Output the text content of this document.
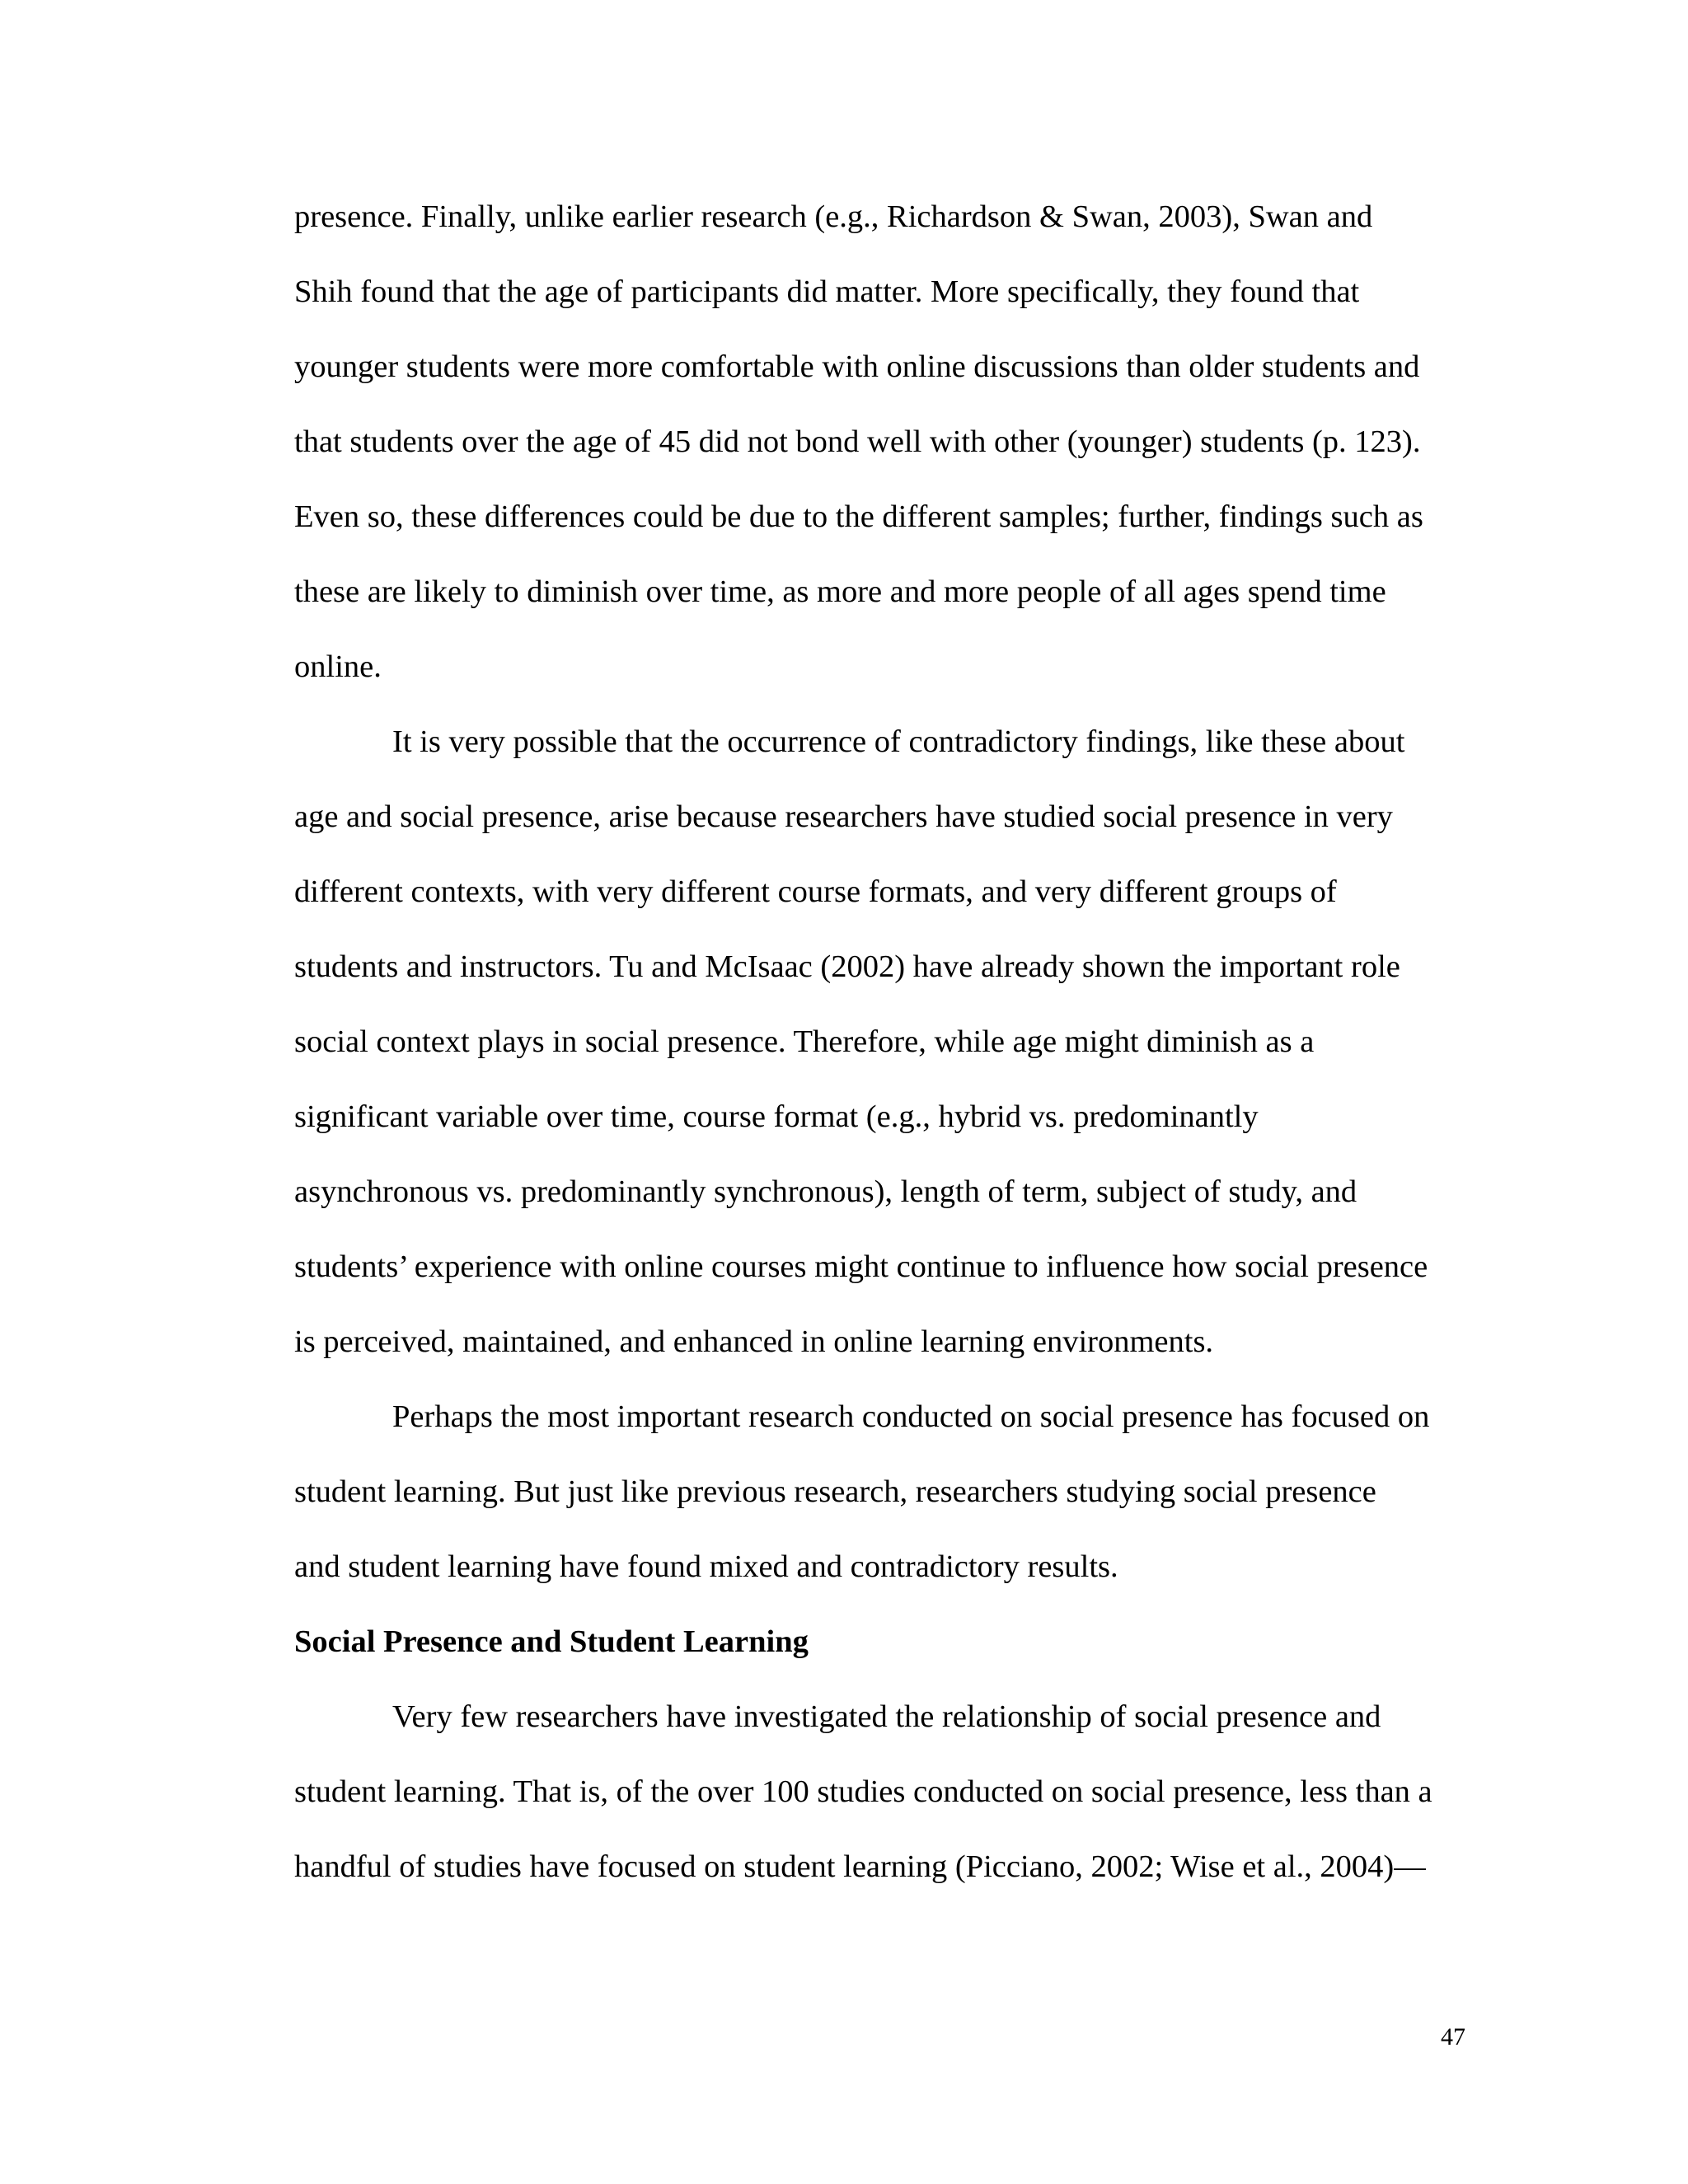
presence. Finally, unlike earlier research (e.g., Richardson & Swan, 2003), Swan and
Shih found that the age of participants did matter. More specifically, they found that
younger students were more comfortable with online discussions than older students and
that students over the age of 45 did not bond well with other (younger) students (p. 123).
Even so, these differences could be due to the different samples; further, findings such as
these are likely to diminish over time, as more and more people of all ages spend time
online.
It is very possible that the occurrence of contradictory findings, like these about
age and social presence, arise because researchers have studied social presence in very
different contexts, with very different course formats, and very different groups of
students and instructors. Tu and McIsaac (2002) have already shown the important role
social context plays in social presence. Therefore, while age might diminish as a
significant variable over time, course format (e.g., hybrid vs. predominantly
asynchronous vs. predominantly synchronous), length of term, subject of study, and
students’ experience with online courses might continue to influence how social presence
is perceived, maintained, and enhanced in online learning environments.
Perhaps the most important research conducted on social presence has focused on
student learning. But just like previous research, researchers studying social presence
and student learning have found mixed and contradictory results.
Social Presence and Student Learning
Very few researchers have investigated the relationship of social presence and
student learning. That is, of the over 100 studies conducted on social presence, less than a
handful of studies have focused on student learning (Picciano, 2002; Wise et al., 2004)—
47
